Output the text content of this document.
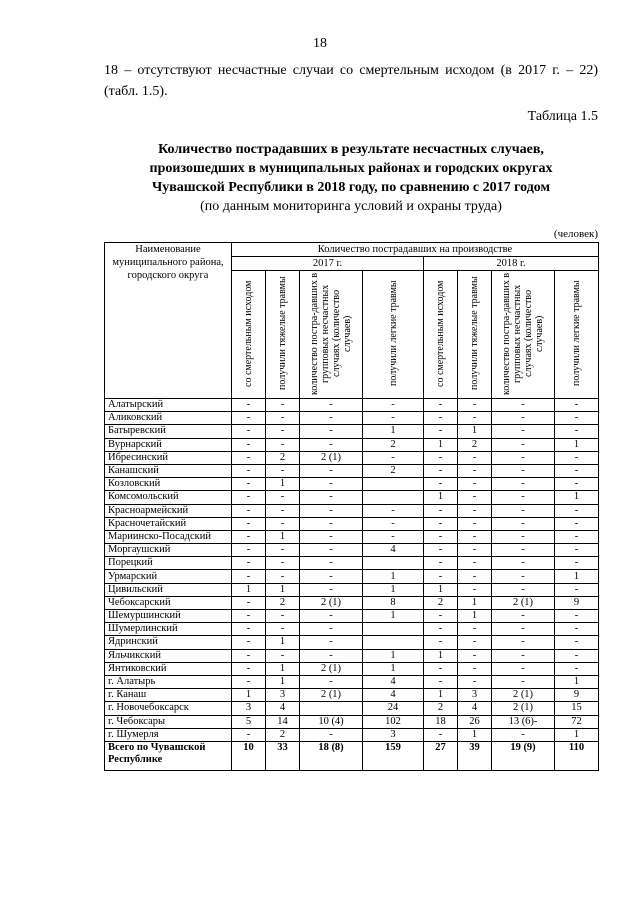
18
18 – отсутствуют несчастные случаи со смертельным исходом (в 2017 г. – 22) (табл. 1.5).
Таблица 1.5
Количество пострадавших в результате несчастных случаев,
произошедших в муниципальных районах и городских округах
Чувашской Республики в 2018 году, по сравнению с 2017 годом
(по данным мониторинга условий и охраны труда)
(человек)
Наименование муниципального района, городского округа	Количество пострадавших на производстве							
	2017 г.				2018 г.			

	со смертельным исходом	получили тяжелые травмы	количество постра-давших в групповых несчастных случаях (количество случаев)	получили легкие травмы	со смертельным исходом	получили тяжелые травмы	количество постра-давших в групповых несчастных случаях (количество случаев)	получили легкие травмы

Алатырский	-	-	-	-	-	-	-	-
Аликовский	-	-	-	-	-	-	-	-
Батыревский	-	-	-	1	-	1	-	-
Вурнарский	-	-	-	2	1	2	-	1
Ибресинский	-	2	2 (1)	-	-	-	-	-
Канашский	-	-	-	2	-	-	-	-
Козловский	-	1	-		-	-	-	-
Комсомольский	-	-	-		1	-	-	1
Красноармейский	-	-	-	-	-	-	-	-
Красночетайский	-	-	-	-	-	-	-	-
Мариинско-Посадский	-	1	-	-	-	-	-	-
Моргаушский	-	-	-	4	-	-	-	-
Порецкий	-	-	-		-	-	-	-
Урмарский	-	-	-	1	-	-	-	1
Цивильский	1	1	-	1	1	-	-	-
Чебоксарский	-	2	2 (1)	8	2	1	2 (1)	9
Шемуршинский	-	-	-	1	-	1	-	-
Шумерлинский	-	-	-		-	-	-	-
Ядринский	-	1	-		-	-	-	-
Яльчикский	-	-	-	1	1	-	-	-
Янтиковский	-	1	2 (1)	1	-	-	-	-
г. Алатырь	-	1	-	4	-	-	-	1
г. Канаш	1	3	2 (1)	4	1	3	2 (1)	9
г. Новочебоксарск	3	4		24	2	4	2 (1)	15
г. Чебоксары	5	14	10 (4)	102	18	26	13 (6)-	72
г. Шумерля	-	2	-	3	-	1	-	1
Всего по Чувашской Республике	10	33	18 (8)	159	27	39	19 (9)	110
